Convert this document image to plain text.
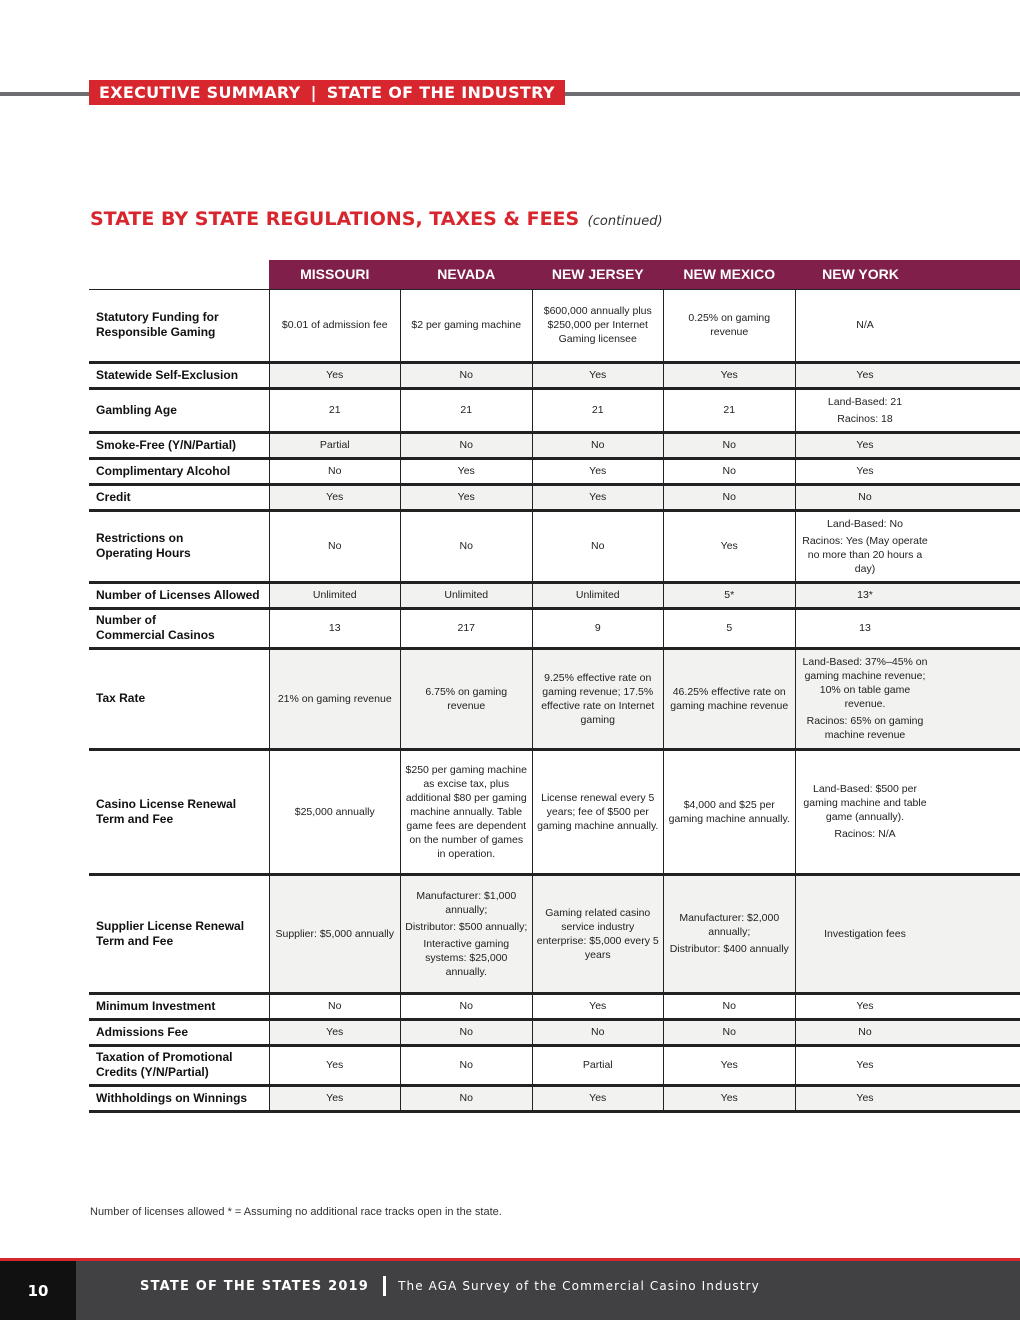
EXECUTIVE SUMMARY | STATE OF THE INDUSTRY
STATE BY STATE REGULATIONS, TAXES & FEES (continued)

	MISSOURI	NEVADA	NEW JERSEY	NEW MEXICO	NEW YORK

Statutory Funding for
Responsible Gaming	$0.01 of admission fee	$2 per gaming machine	$600,000 annually plus $250,000 per Internet Gaming licensee	0.25% on gaming revenue	N/A

Statewide Self-Exclusion	Yes	No	Yes	Yes	Yes

Gambling Age	21	21	21	21	Land-Based: 21
Racinos: 18

Smoke-Free (Y/N/Partial)	Partial	No	No	No	Yes

Complimentary Alcohol	No	Yes	Yes	No	Yes

Credit	Yes	Yes	Yes	No	No

Restrictions on
Operating Hours	No	No	No	Yes	Land-Based: No
Racinos: Yes (May operate no more than 20 hours a day)

Number of Licenses Allowed	Unlimited	Unlimited	Unlimited	5*	13*

Number of
Commercial Casinos	13	217	9	5	13

Tax Rate	21% on gaming revenue	6.75% on gaming revenue	9.25% effective rate on gaming revenue; 17.5% effective rate on Internet gaming	46.25% effective rate on gaming machine revenue	Land-Based: 37%–45% on gaming machine revenue; 10% on table game revenue.
Racinos: 65% on gaming machine revenue

Casino License Renewal
Term and Fee	$25,000 annually	$250 per gaming machine as excise tax, plus additional $80 per gaming machine annually. Table game fees are dependent on the number of games in operation.	License renewal every 5 years; fee of $500 per gaming machine annually.	$4,000 and $25 per gaming machine annually.	Land-Based: $500 per gaming machine and table game (annually).
Racinos: N/A

Supplier License Renewal
Term and Fee	Supplier: $5,000 annually	Manufacturer: $1,000 annually;
Distributor: $500 annually;
Interactive gaming systems: $25,000 annually.	Gaming related casino service industry enterprise: $5,000 every 5 years	Manufacturer: $2,000 annually;
Distributor: $400 annually	Investigation fees

Minimum Investment	No	No	Yes	No	Yes

Admissions Fee	Yes	No	No	No	No

Taxation of Promotional
Credits (Y/N/Partial)	Yes	No	Partial	Yes	Yes

Withholdings on Winnings	Yes	No	Yes	Yes	Yes
Number of licenses allowed * = Assuming no additional race tracks open in the state.
10	STATE OF THE STATES 2019 The AGA Survey of the Commercial Casino Industry
